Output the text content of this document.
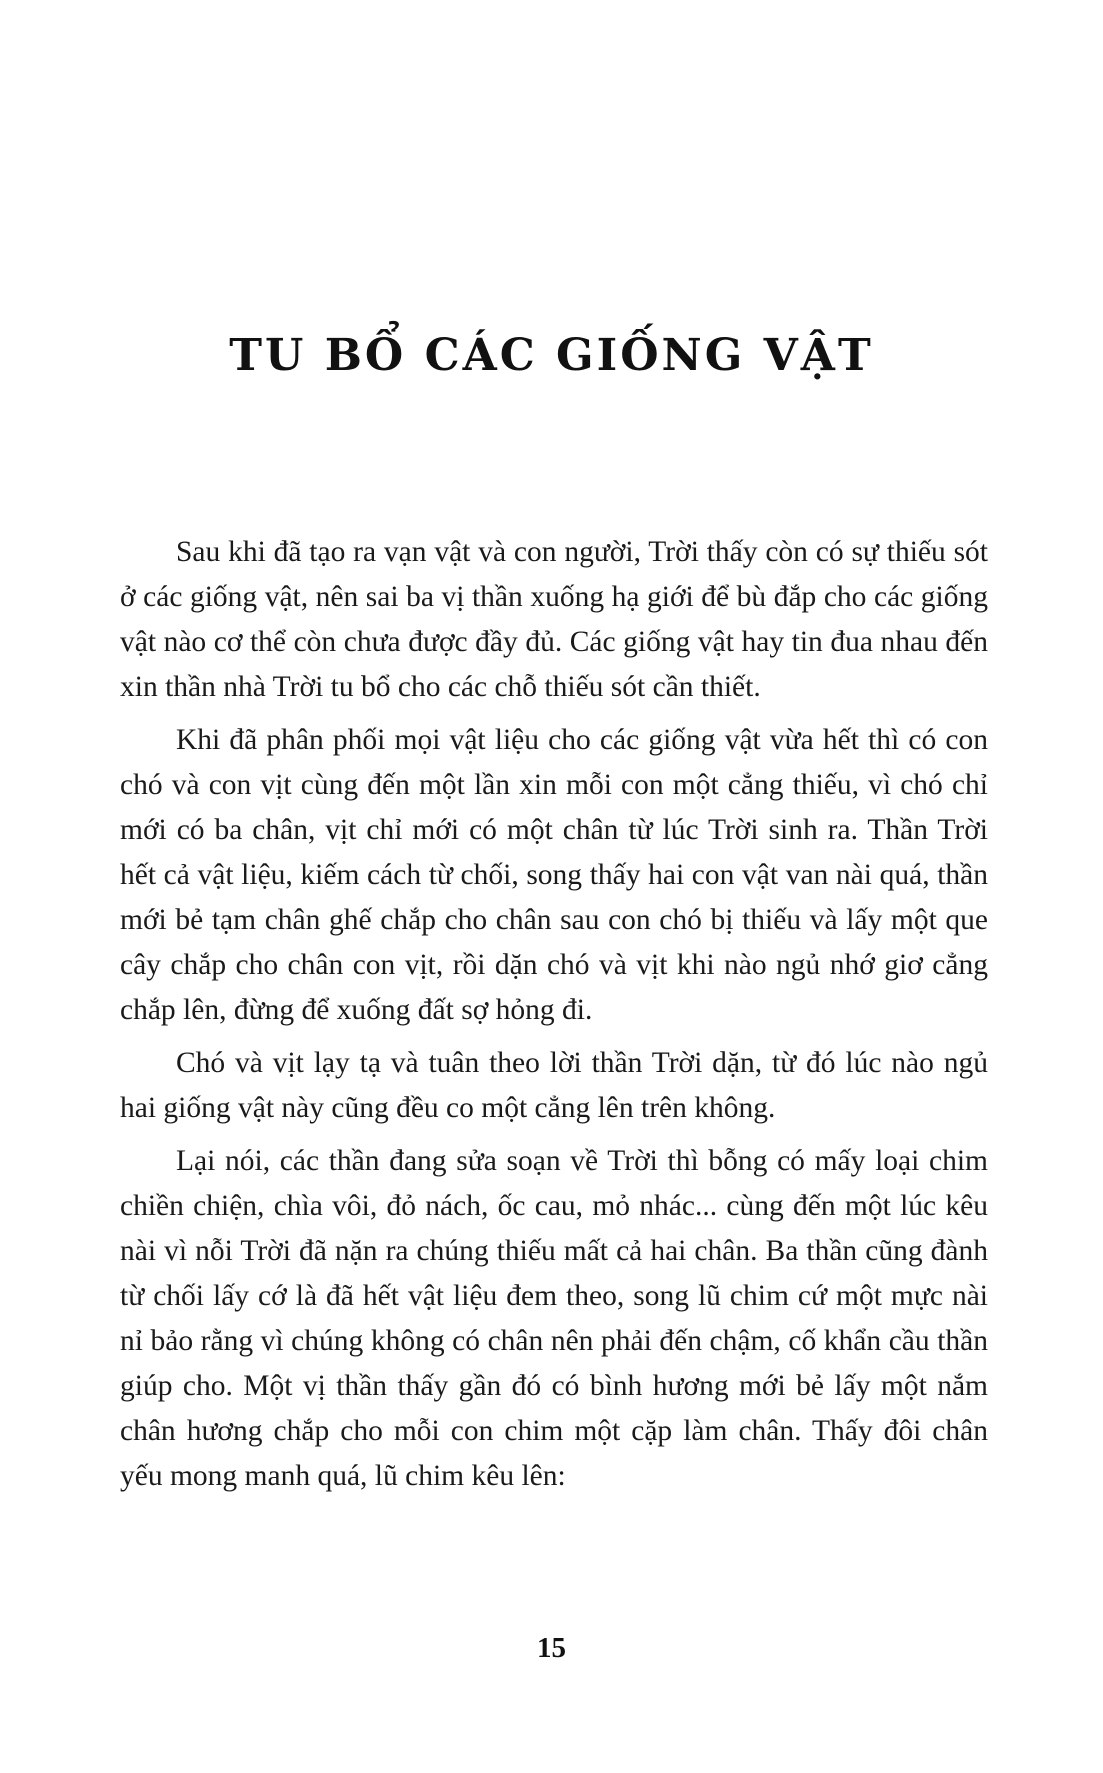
TU BỔ CÁC GIỐNG VẬT

Sau khi đã tạo ra vạn vật và con người, Trời thấy còn có sự thiếu sót ở các giống vật, nên sai ba vị thần xuống hạ giới để bù đắp cho các giống vật nào cơ thể còn chưa được đầy đủ. Các giống vật hay tin đua nhau đến xin thần nhà Trời tu bổ cho các chỗ thiếu sót cần thiết.

Khi đã phân phối mọi vật liệu cho các giống vật vừa hết thì có con chó và con vịt cùng đến một lần xin mỗi con một cẳng thiếu, vì chó chỉ mới có ba chân, vịt chỉ mới có một chân từ lúc Trời sinh ra. Thần Trời hết cả vật liệu, kiếm cách từ chối, song thấy hai con vật van nài quá, thần mới bẻ tạm chân ghế chắp cho chân sau con chó bị thiếu và lấy một que cây chắp cho chân con vịt, rồi dặn chó và vịt khi nào ngủ nhớ giơ cẳng chắp lên, đừng để xuống đất sợ hỏng đi.

Chó và vịt lạy tạ và tuân theo lời thần Trời dặn, từ đó lúc nào ngủ hai giống vật này cũng đều co một cẳng lên trên không.

Lại nói, các thần đang sửa soạn về Trời thì bỗng có mấy loại chim chiền chiện, chìa vôi, đỏ nách, ốc cau, mỏ nhác... cùng đến một lúc kêu nài vì nỗi Trời đã nặn ra chúng thiếu mất cả hai chân. Ba thần cũng đành từ chối lấy cớ là đã hết vật liệu đem theo, song lũ chim cứ một mực nài nỉ bảo rằng vì chúng không có chân nên phải đến chậm, cố khẩn cầu thần giúp cho. Một vị thần thấy gần đó có bình hương mới bẻ lấy một nắm chân hương chắp cho mỗi con chim một cặp làm chân. Thấy đôi chân yếu mong manh quá, lũ chim kêu lên:

15
